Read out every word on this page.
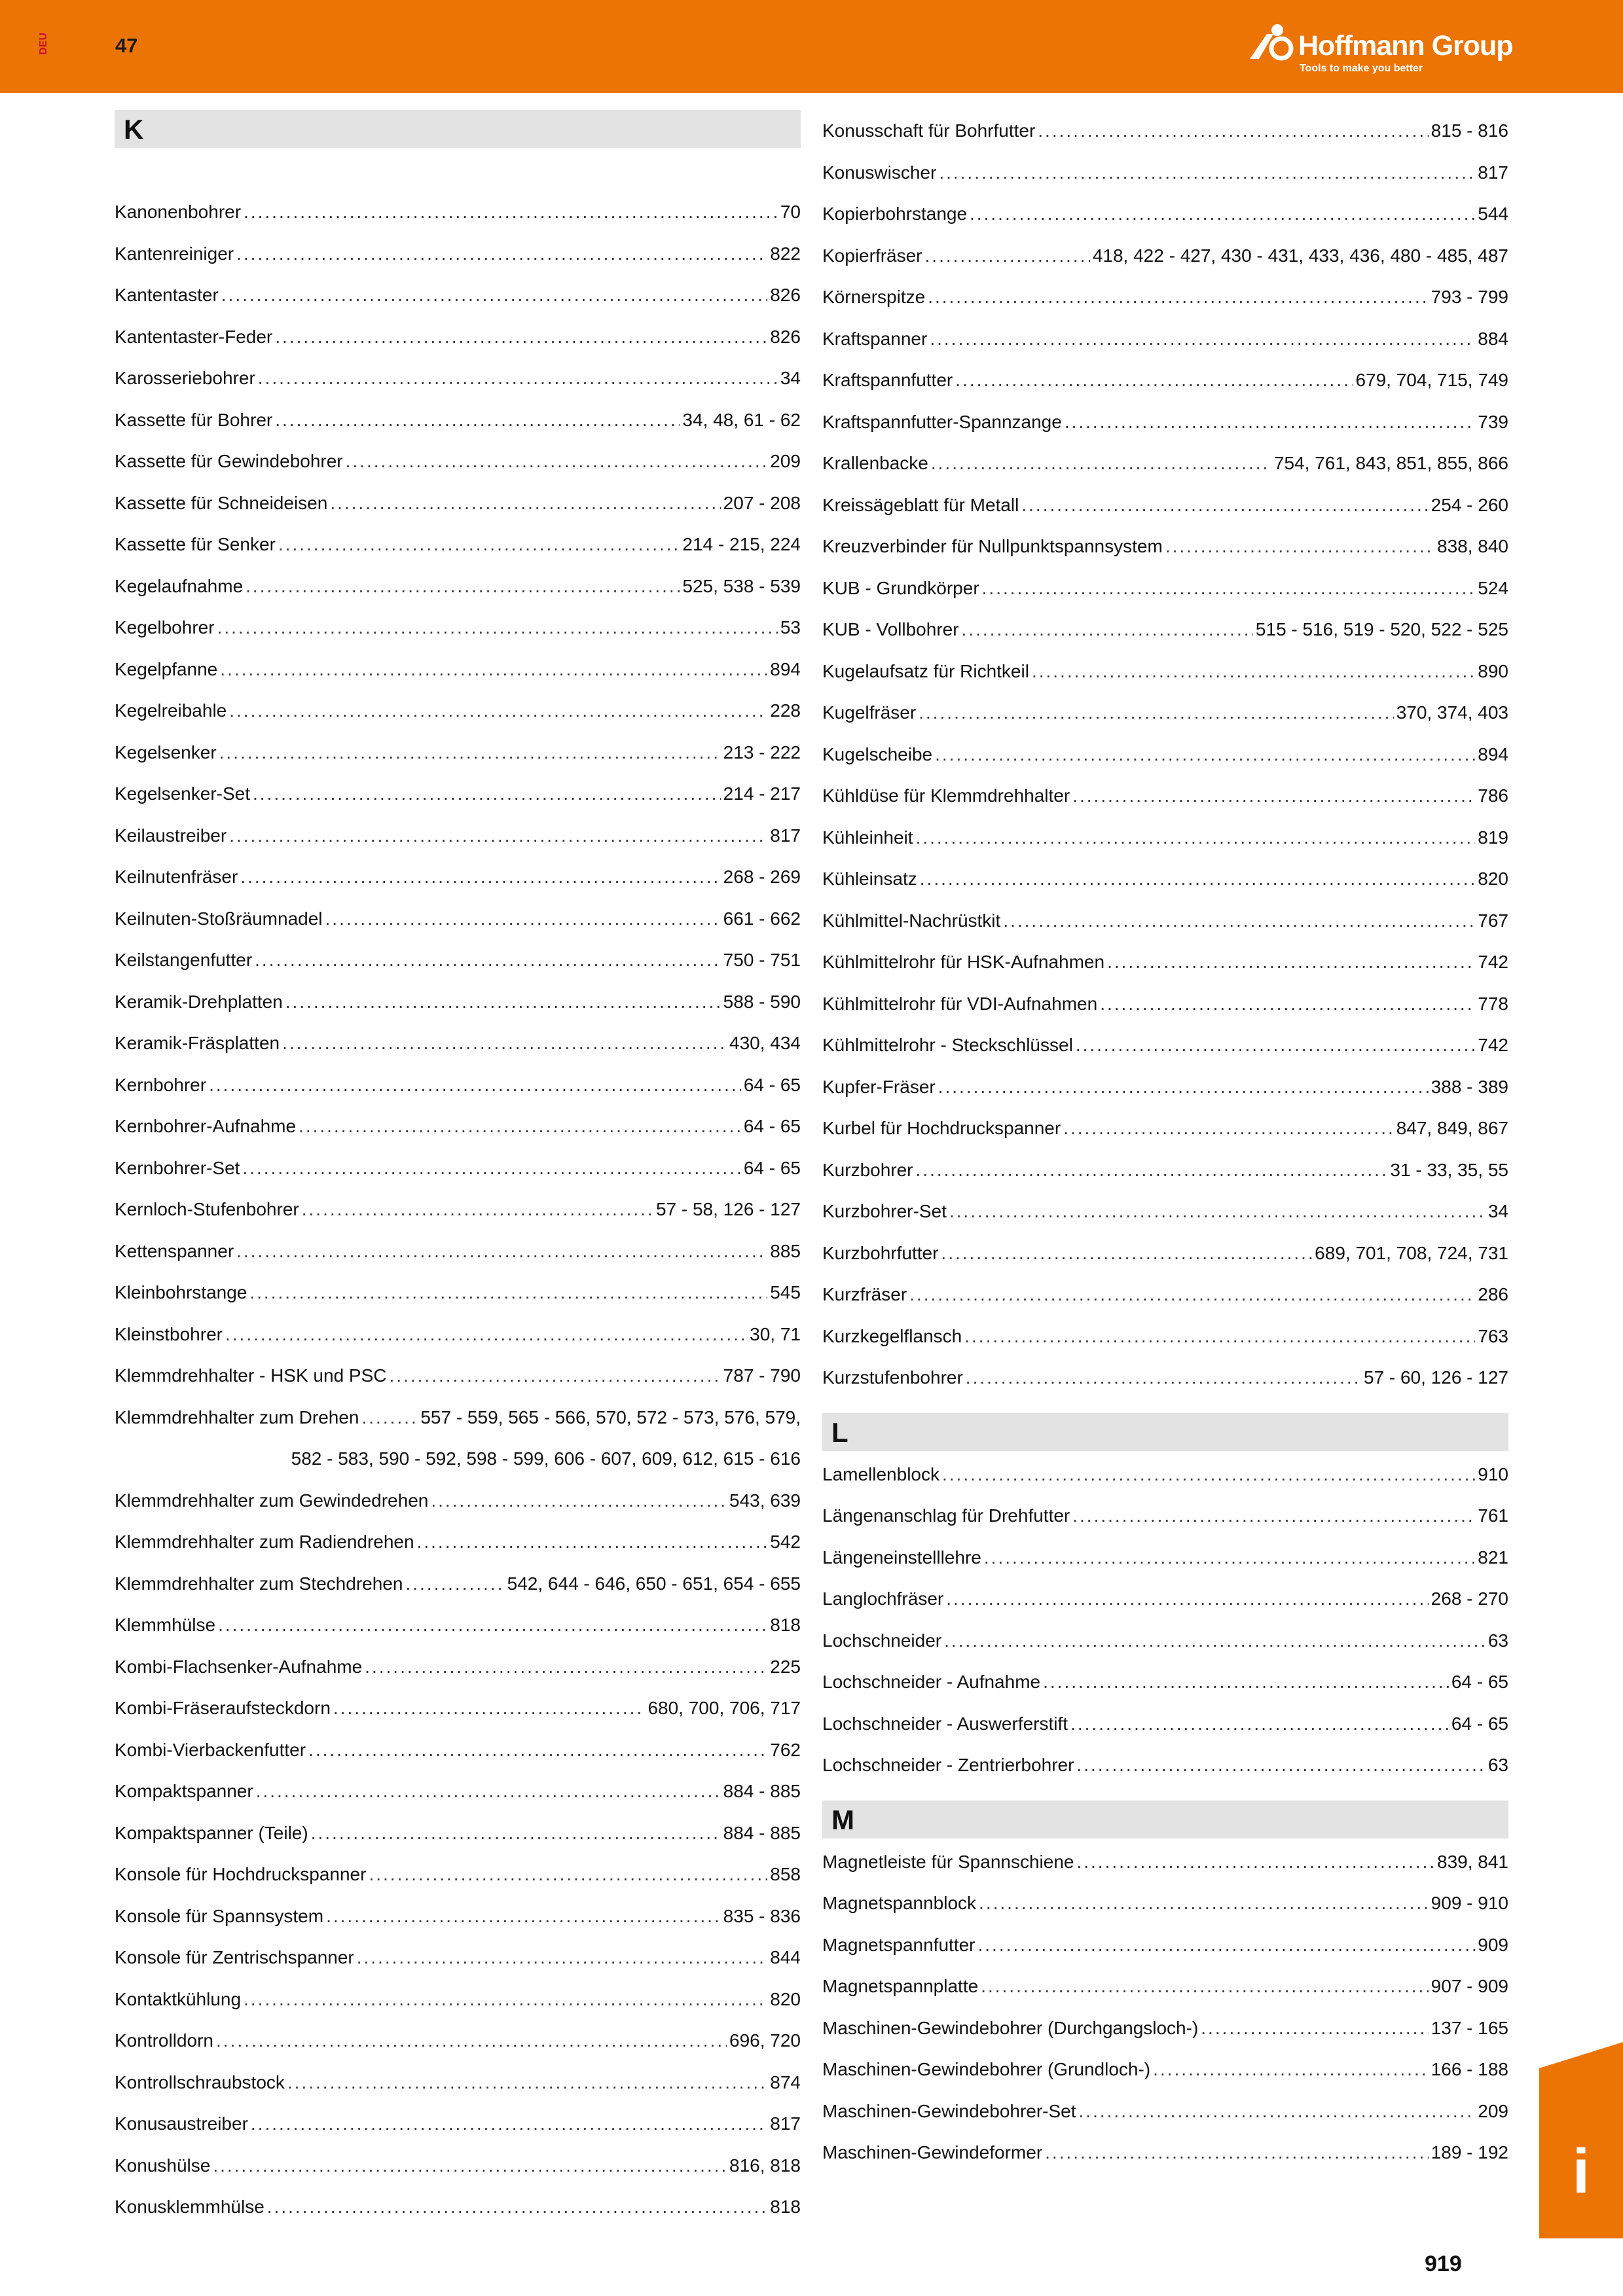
DEU	47	Hoffmann Group
Tools to make you better
K
Kanonenbohrer .....	70
Kantenreiniger .....	822
Kantentaster .....	826
Kantentaster-Feder .....	826
Karosseriebohrer .....	34
Kassette für Bohrer .....	34, 48, 61 - 62
Kassette für Gewindebohrer .....	209
Kassette für Schneideisen .....	207 - 208
Kassette für Senker .....	214 - 215, 224
Kegelaufnahme .....	525, 538 - 539
Kegelbohrer .....	53
Kegelpfanne .....	894
Kegelreibahle .....	228
Kegelsenker .....	213 - 222
Kegelsenker-Set .....	214 - 217
Keilaustreiber .....	817
Keilnutenfräser .....	268 - 269
Keilnuten-Stoßräumnadel .....	661 - 662
Keilstangenfutter .....	750 - 751
Keramik-Drehplatten .....	588 - 590
Keramik-Fräsplatten .....	430, 434
Kernbohrer .....	64 - 65
Kernbohrer-Aufnahme .....	64 - 65
Kernbohrer-Set .....	64 - 65
Kernloch-Stufenbohrer .....	57 - 58, 126 - 127
Kettenspanner .....	885
Kleinbohrstange .....	545
Kleinstbohrer .....	30, 71
Klemmdrehhalter - HSK und PSC .....	787 - 790
Klemmdrehhalter zum Drehen .....	557 - 559, 565 - 566, 570, 572 - 573, 576, 579,
582 - 583, 590 - 592, 598 - 599, 606 - 607, 609, 612, 615 - 616
Klemmdrehhalter zum Gewindedrehen .....	543, 639
Klemmdrehhalter zum Radiendrehen .....	542
Klemmdrehhalter zum Stechdrehen .....	542, 644 - 646, 650 - 651, 654 - 655
Klemmhülse .....	818
Kombi-Flachsenker-Aufnahme .....	225
Kombi-Fräseraufsteckdorn .....	680, 700, 706, 717
Kombi-Vierbackenfutter .....	762
Kompaktspanner .....	884 - 885
Kompaktspanner (Teile) .....	884 - 885
Konsole für Hochdruckspanner .....	858
Konsole für Spannsystem .....	835 - 836
Konsole für Zentrischspanner .....	844
Kontaktkühlung .....	820
Kontrolldorn .....	696, 720
Kontrollschraubstock .....	874
Konusaustreiber .....	817
Konushülse .....	816, 818
Konusklemmhülse .....	818
Konusschaft für Bohrfutter .....	815 - 816
Konuswischer .....	817
Kopierbohrstange .....	544
Kopierfräser .....	418, 422 - 427, 430 - 431, 433, 436, 480 - 485, 487
Körnerspitze .....	793 - 799
Kraftspanner .....	884
Kraftspannfutter .....	679, 704, 715, 749
Kraftspannfutter-Spannzange .....	739
Krallenbacke .....	754, 761, 843, 851, 855, 866
Kreissägeblatt für Metall .....	254 - 260
Kreuzverbinder für Nullpunktspannsystem .....	838, 840
KUB - Grundkörper .....	524
KUB - Vollbohrer .....	515 - 516, 519 - 520, 522 - 525
Kugelaufsatz für Richtkeil .....	890
Kugelfräser .....	370, 374, 403
Kugelscheibe .....	894
Kühldüse für Klemmdrehhalter .....	786
Kühleinheit .....	819
Kühleinsatz .....	820
Kühlmittel-Nachrüstkit .....	767
Kühlmittelrohr für HSK-Aufnahmen .....	742
Kühlmittelrohr für VDI-Aufnahmen .....	778
Kühlmittelrohr - Steckschlüssel .....	742
Kupfer-Fräser .....	388 - 389
Kurbel für Hochdruckspanner .....	847, 849, 867
Kurzbohrer .....	31 - 33, 35, 55
Kurzbohrer-Set .....	34
Kurzbohrfutter .....	689, 701, 708, 724, 731
Kurzfräser .....	286
Kurzkegelflansch .....	763
Kurzstufenbohrer .....	57 - 60, 126 - 127
L
Lamellenblock .....	910
Längenanschlag für Drehfutter .....	761
Längeneinstelllehre .....	821
Langlochfräser .....	268 - 270
Lochschneider .....	63
Lochschneider - Aufnahme .....	64 - 65
Lochschneider - Auswerferstift .....	64 - 65
Lochschneider - Zentrierbohrer .....	63
M
Magnetleiste für Spannschiene .....	839, 841
Magnetspannblock .....	909 - 910
Magnetspannfutter .....	909
Magnetspannplatte .....	907 - 909
Maschinen-Gewindebohrer (Durchgangsloch-) .....	137 - 165
Maschinen-Gewindebohrer (Grundloch-) .....	166 - 188
Maschinen-Gewindebohrer-Set .....	209
Maschinen-Gewindeformer .....	189 - 192 i
919
